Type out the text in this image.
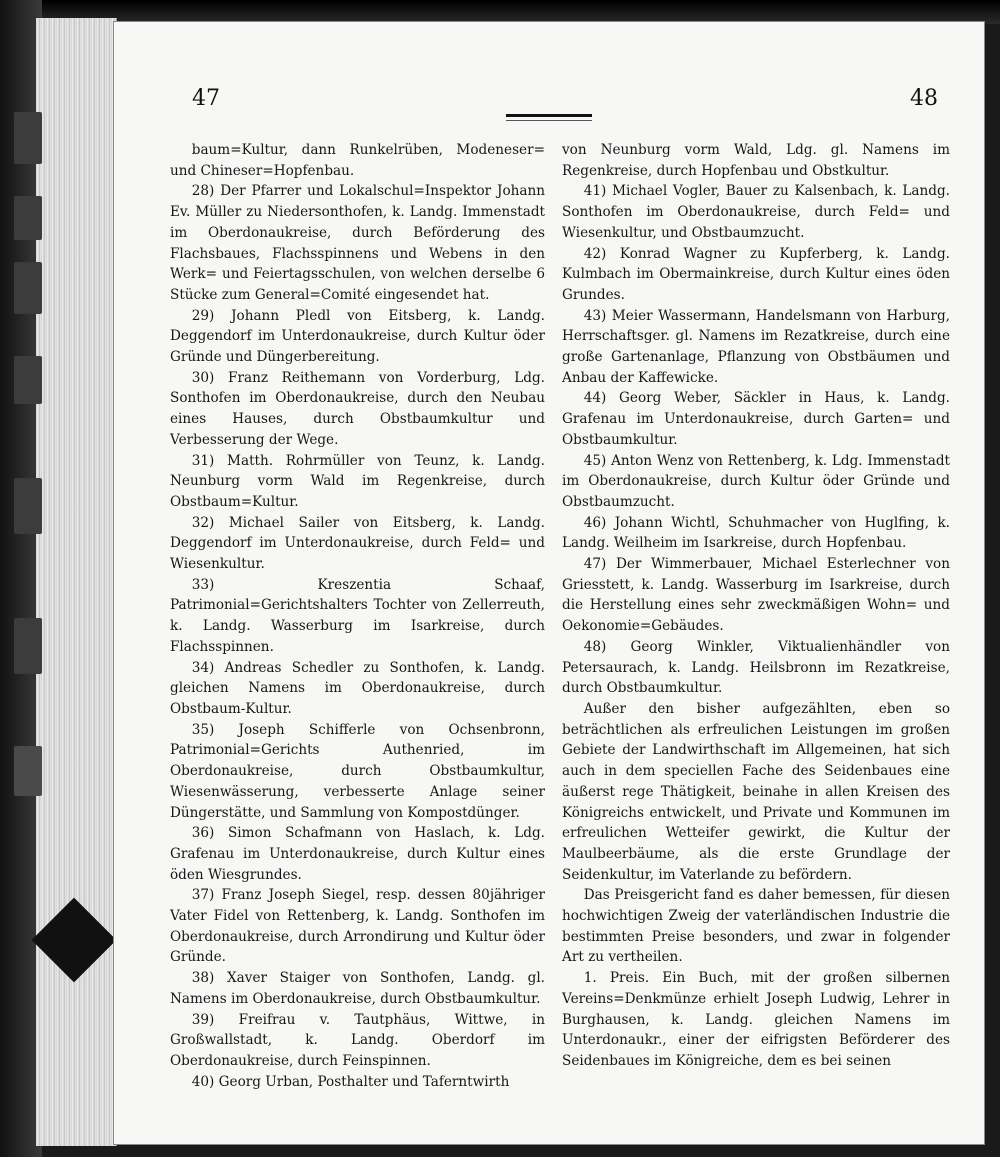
47	48

baum=Kultur, dann Runkelrüben, Modeneser= und Chineser=Hopfenbau.

28) Der Pfarrer und Lokalschul=Inspektor Johann Ev. Müller zu Niedersonthofen, k. Landg. Immenstadt im Oberdonaukreise, durch Beförderung des Flachsbaues, Flachsspinnens und Webens in den Werk= und Feiertagsschulen, von welchen derselbe 6 Stücke zum General=Comité eingesendet hat.

29) Johann Pledl von Eitsberg, k. Landg. Deggendorf im Unterdonaukreise, durch Kultur öder Gründe und Düngerbereitung.

30) Franz Reithemann von Vorderburg, Ldg. Sonthofen im Oberdonaukreise, durch den Neubau eines Hauses, durch Obstbaumkultur und Verbesserung der Wege.

31) Matth. Rohrmüller von Teunz, k. Landg. Neunburg vorm Wald im Regenkreise, durch Obstbaum=Kultur.

32) Michael Sailer von Eitsberg, k. Landg. Deggendorf im Unterdonaukreise, durch Feld= und Wiesenkultur.

33) Kreszentia Schaaf, Patrimonial=Gerichtshalters Tochter von Zellerreuth, k. Landg. Wasserburg im Isarkreise, durch Flachsspinnen.

34) Andreas Schedler zu Sonthofen, k. Landg. gleichen Namens im Oberdonaukreise, durch Obstbaum-Kultur.

35) Joseph Schifferle von Ochsenbronn, Patrimonial=Gerichts Authenried, im Oberdonaukreise, durch Obstbaumkultur, Wiesenwässerung, verbesserte Anlage seiner Düngerstätte, und Sammlung von Kompostdünger.

36) Simon Schafmann von Haslach, k. Ldg. Grafenau im Unterdonaukreise, durch Kultur eines öden Wiesgrundes.

37) Franz Joseph Siegel, resp. dessen 80jähriger Vater Fidel von Rettenberg, k. Landg. Sonthofen im Oberdonaukreise, durch Arrondirung und Kultur öder Gründe.

38) Xaver Staiger von Sonthofen, Landg. gl. Namens im Oberdonaukreise, durch Obstbaumkultur.

39) Freifrau v. Tautphäus, Wittwe, in Großwallstadt, k. Landg. Oberdorf im Oberdonaukreise, durch Feinspinnen.

40) Georg Urban, Posthalter und Taferntwirth

von Neunburg vorm Wald, Ldg. gl. Namens im Regenkreise, durch Hopfenbau und Obstkultur.

41) Michael Vogler, Bauer zu Kalsenbach, k. Landg. Sonthofen im Oberdonaukreise, durch Feld= und Wiesenkultur, und Obstbaumzucht.

42) Konrad Wagner zu Kupferberg, k. Landg. Kulmbach im Obermainkreise, durch Kultur eines öden Grundes.

43) Meier Wassermann, Handelsmann von Harburg, Herrschaftsger. gl. Namens im Rezatkreise, durch eine große Gartenanlage, Pflanzung von Obstbäumen und Anbau der Kaffewicke.

44) Georg Weber, Säckler in Haus, k. Landg. Grafenau im Unterdonaukreise, durch Garten= und Obstbaumkultur.

45) Anton Wenz von Rettenberg, k. Ldg. Immenstadt im Oberdonaukreise, durch Kultur öder Gründe und Obstbaumzucht.

46) Johann Wichtl, Schuhmacher von Huglfing, k. Landg. Weilheim im Isarkreise, durch Hopfenbau.

47) Der Wimmerbauer, Michael Esterlechner von Griesstett, k. Landg. Wasserburg im Isarkreise, durch die Herstellung eines sehr zweckmäßigen Wohn= und Oekonomie=Gebäudes.

48) Georg Winkler, Viktualienhändler von Petersaurach, k. Landg. Heilsbronn im Rezatkreise, durch Obstbaumkultur.

Außer den bisher aufgezählten, eben so beträchtlichen als erfreulichen Leistungen im großen Gebiete der Landwirthschaft im Allgemeinen, hat sich auch in dem speciellen Fache des Seidenbaues eine äußerst rege Thätigkeit, beinahe in allen Kreisen des Königreichs entwickelt, und Private und Kommunen im erfreulichen Wetteifer gewirkt, die Kultur der Maulbeerbäume, als die erste Grundlage der Seidenkultur, im Vaterlande zu befördern.

Das Preisgericht fand es daher bemessen, für diesen hochwichtigen Zweig der vaterländischen Industrie die bestimmten Preise besonders, und zwar in folgender Art zu vertheilen.

1. Preis. Ein Buch, mit der großen silbernen Vereins=Denkmünze erhielt Joseph Ludwig, Lehrer in Burghausen, k. Landg. gleichen Namens im Unterdonaukr., einer der eifrigsten Beförderer des Seidenbaues im Königreiche, dem es bei seinen
